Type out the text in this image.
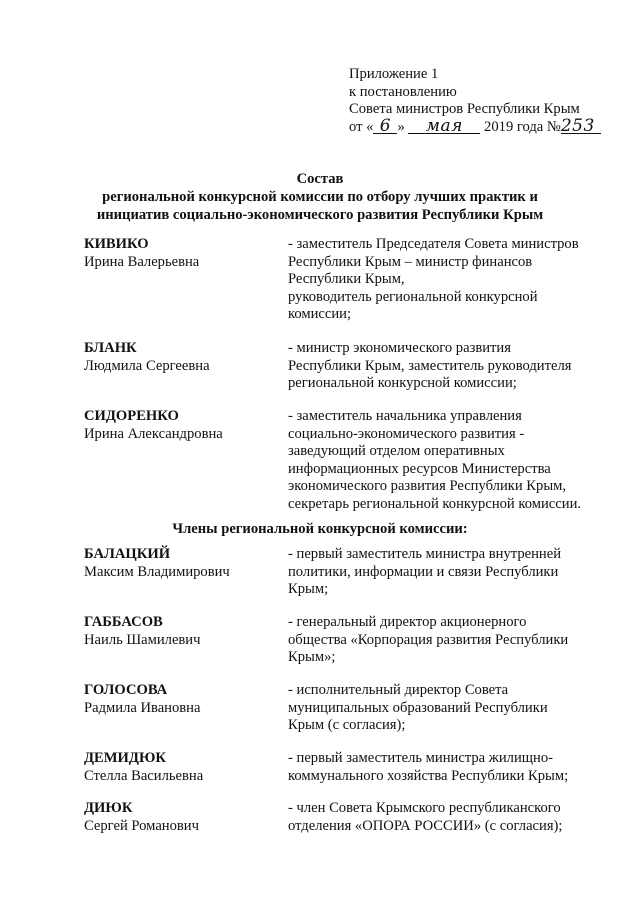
Приложение 1
к постановлению
Совета министров Республики Крым
от « 6 » мая 2019 года №253
Состав
региональной конкурсной комиссии по отбору лучших практик и
инициатив социально-экономического развития Республики Крым
КИВИКО
Ирина Валерьевна
- заместитель Председателя Совета министров
Республики Крым – министр финансов
Республики Крым,
руководитель региональной конкурсной
комиссии;
БЛАНК
Людмила Сергеевна
- министр экономического развития
Республики Крым, заместитель руководителя
региональной конкурсной комиссии;
СИДОРЕНКО
Ирина Александровна
- заместитель начальника управления
социально-экономического развития -
заведующий отделом оперативных
информационных ресурсов Министерства
экономического развития Республики Крым,
секретарь региональной конкурсной комиссии.
Члены региональной конкурсной комиссии:
БАЛАЦКИЙ
Максим Владимирович
- первый заместитель министра внутренней
политики, информации и связи Республики
Крым;
ГАББАСОВ
Наиль Шамилевич
- генеральный директор акционерного
общества «Корпорация развития Республики
Крым»;
ГОЛОСОВА
Радмила Ивановна
- исполнительный директор Совета
муниципальных образований Республики
Крым (с согласия);
ДЕМИДЮК
Стелла Васильевна
- первый заместитель министра жилищно-
коммунального хозяйства Республики Крым;
ДИЮК
Сергей Романович
- член Совета Крымского республиканского
отделения «ОПОРА РОССИИ» (с согласия);
